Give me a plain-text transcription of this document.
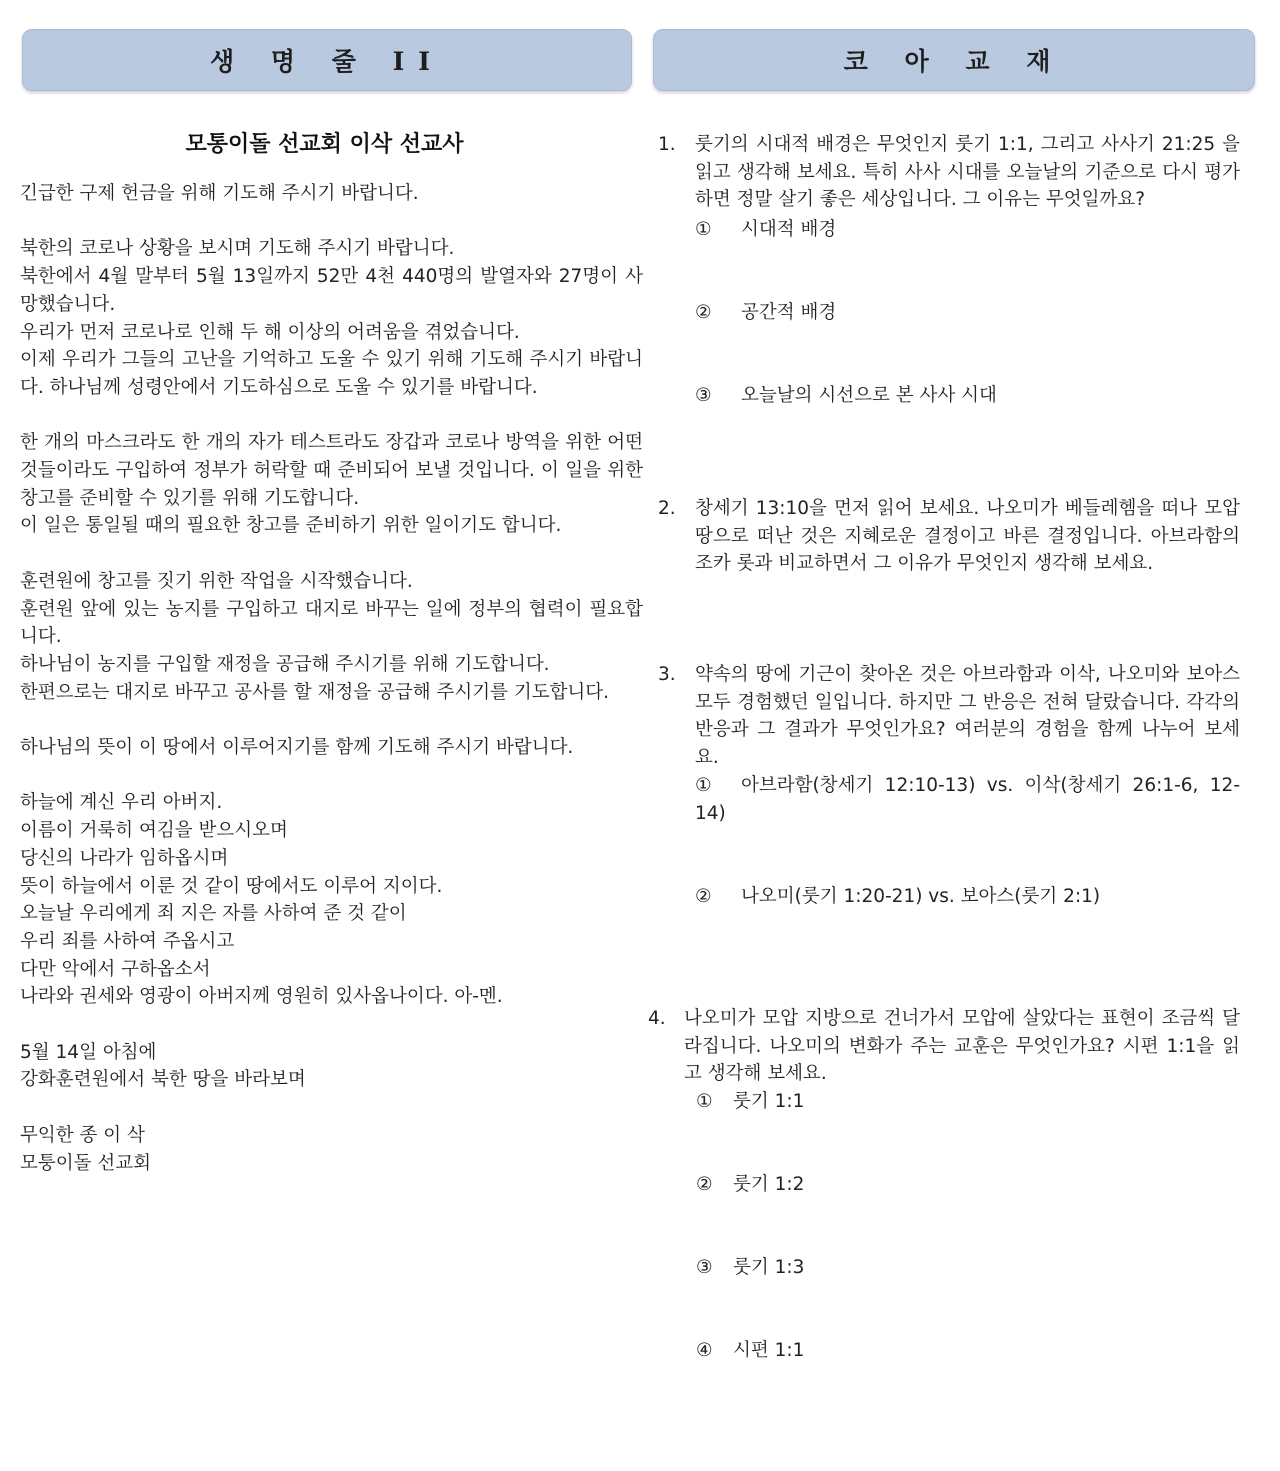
생 명 줄 II	코 아 교 재
모통이돌 선교회 이삭 선교사
긴급한 구제 헌금을 위해 기도해 주시기 바랍니다.
북한의 코로나 상황을 보시며 기도해 주시기 바랍니다.
북한에서 4월 말부터 5월 13일까지 52만 4천 440명의 발열자와 27명이 사망했습니다.
우리가 먼저 코로나로 인해 두 해 이상의 어려움을 겪었습니다.
이제 우리가 그들의 고난을 기억하고 도울 수 있기 위해 기도해 주시기 바랍니다. 하나님께 성령안에서 기도하심으로 도울 수 있기를 바랍니다.
한 개의 마스크라도 한 개의 자가 테스트라도 장갑과 코로나 방역을 위한 어떤 것들이라도 구입하여 정부가 허락할 때 준비되어 보낼 것입니다. 이 일을 위한 창고를 준비할 수 있기를 위해 기도합니다.
이 일은 통일될 때의 필요한 창고를 준비하기 위한 일이기도 합니다.
훈련원에 창고를 짓기 위한 작업을 시작했습니다.
훈련원 앞에 있는 농지를 구입하고 대지로 바꾸는 일에 정부의 협력이 필요합니다.
하나님이 농지를 구입할 재정을 공급해 주시기를 위해 기도합니다.
한편으로는 대지로 바꾸고 공사를 할 재정을 공급해 주시기를 기도합니다.
하나님의 뜻이 이 땅에서 이루어지기를 함께 기도해 주시기 바랍니다.
하늘에 계신 우리 아버지.
이름이 거룩히 여김을 받으시오며
당신의 나라가 임하옵시며
뜻이 하늘에서 이룬 것 같이 땅에서도 이루어 지이다.
오늘날 우리에게 죄 지은 자를 사하여 준 것 같이
우리 죄를 사하여 주옵시고
다만 악에서 구하옵소서
나라와 권세와 영광이 아버지께 영원히 있사옵나이다. 아-멘.
5월 14일 아침에
강화훈련원에서 북한 땅을 바라보며
무익한 종 이 삭
모퉁이돌 선교회
1. 룻기의 시대적 배경은 무엇인지 룻기 1:1, 그리고 사사기 21:25 을 읽고 생각해 보세요. 특히 사사 시대를 오늘날의 기준으로 다시 평가하면 정말 살기 좋은 세상입니다. 그 이유는 무엇일까요?
① 시대적 배경
② 공간적 배경
③ 오늘날의 시선으로 본 사사 시대
2. 창세기 13:10을 먼저 읽어 보세요. 나오미가 베들레헴을 떠나 모압 땅으로 떠난 것은 지혜로운 결정이고 바른 결정입니다. 아브라함의 조카 롯과 비교하면서 그 이유가 무엇인지 생각해 보세요.
3. 약속의 땅에 기근이 찾아온 것은 아브라함과 이삭, 나오미와 보아스 모두 경험했던 일입니다. 하지만 그 반응은 전혀 달랐습니다. 각각의 반응과 그 결과가 무엇인가요? 여러분의 경험을 함께 나누어 보세요.
① 아브라함(창세기 12:10-13) vs. 이삭(창세기 26:1-6, 12-14)
② 나오미(룻기 1:20-21) vs. 보아스(룻기 2:1)
4. 나오미가 모압 지방으로 건너가서 모압에 살았다는 표현이 조금씩 달라집니다. 나오미의 변화가 주는 교훈은 무엇인가요? 시편 1:1을 읽고 생각해 보세요.
① 룻기 1:1
② 룻기 1:2
③ 룻기 1:3
④ 시편 1:1
